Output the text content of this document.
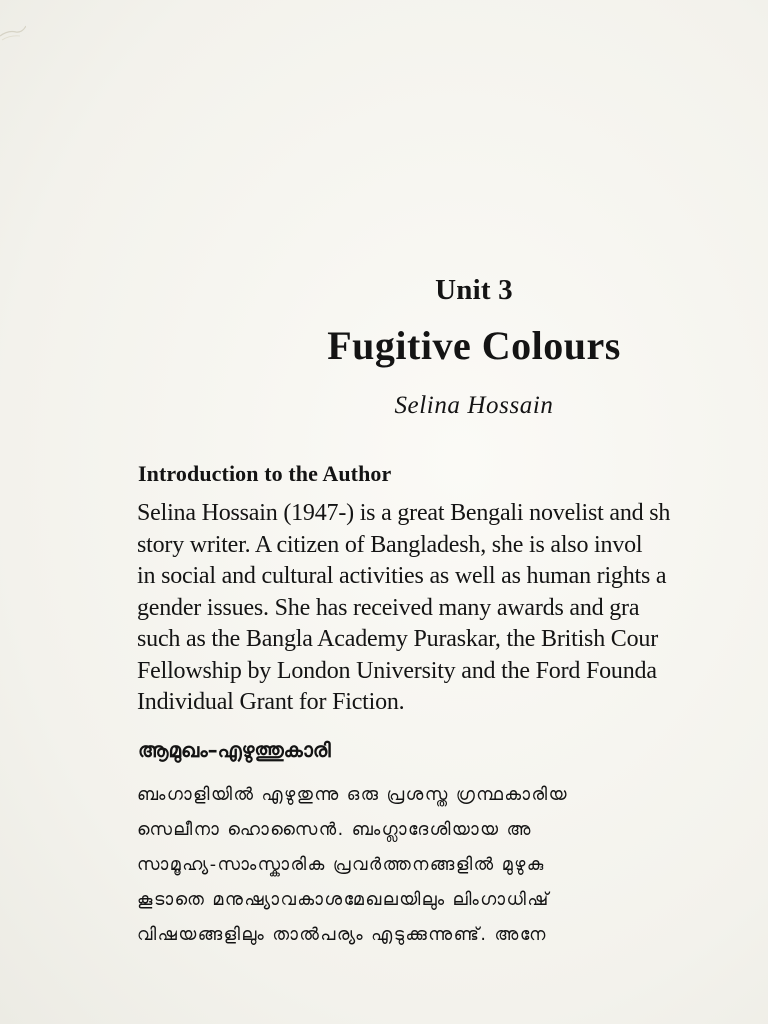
Unit 3
Fugitive Colours
Selina Hossain
Introduction to the Author
Selina Hossain (1947-) is a great Bengali novelist and sh
story writer. A citizen of Bangladesh, she is also invol
in social and cultural activities as well as human rights a
gender issues. She has received many awards and gra
such as the Bangla Academy Puraskar, the British Cour
Fellowship by London University and the Ford Founda
Individual Grant for Fiction.
ആമുഖം–എഴുത്തുകാരി
ബംഗാളിയിൽ എഴുതുന്നു ഒരു പ്രശസ്ത ഗ്രന്ഥകാരിയ
സെലീനാ ഹൊസൈൻ. ബംഗ്ലാദേശിയായ അ
സാമൂഹ്യ-സാംസ്കാരിക പ്രവർത്തനങ്ങളിൽ മുഴുകു
കൂടാതെ മനുഷ്യാവകാശമേഖലയിലും ലിംഗാധിഷ്
വിഷയങ്ങളിലും താൽപര്യം എടുക്കുന്നുണ്ട്. അനേ
